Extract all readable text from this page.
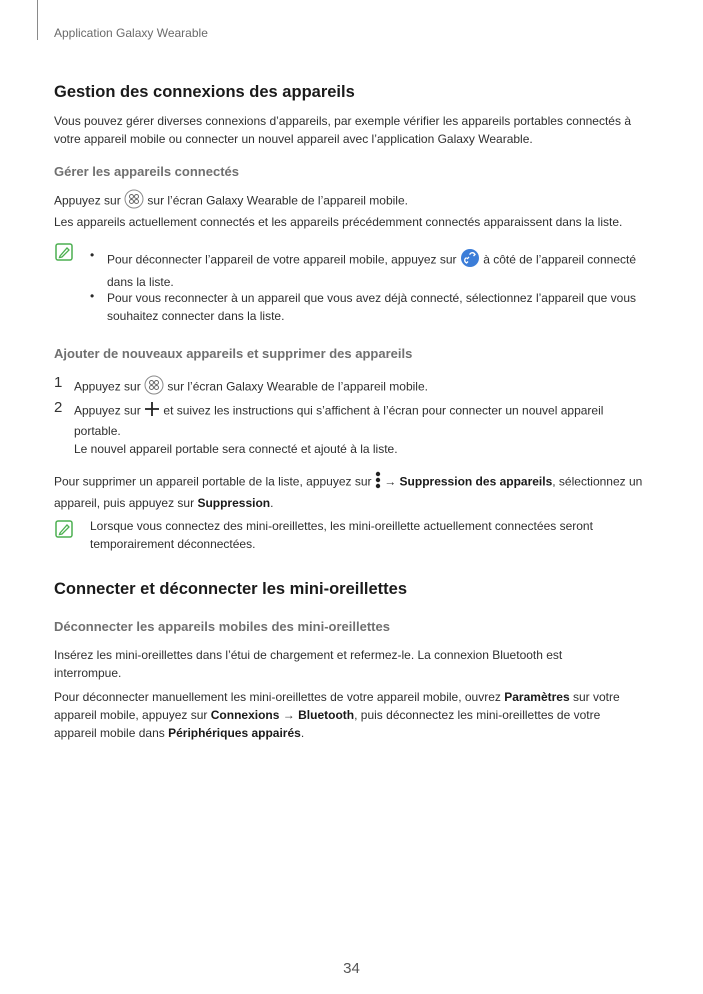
Application Galaxy Wearable
Gestion des connexions des appareils
Vous pouvez gérer diverses connexions d’appareils, par exemple vérifier les appareils portables connectés à votre appareil mobile ou connecter un nouvel appareil avec l’application Galaxy Wearable.
Gérer les appareils connectés
Appuyez sur sur l’écran Galaxy Wearable de l’appareil mobile.
Les appareils actuellement connectés et les appareils précédemment connectés apparaissent dans la liste.
• Pour déconnecter l’appareil de votre appareil mobile, appuyez sur à côté de l’appareil connecté
dans la liste.
• Pour vous reconnecter à un appareil que vous avez déjà connecté, sélectionnez l’appareil que vous
souhaitez connecter dans la liste.
Ajouter de nouveaux appareils et supprimer des appareils
1 Appuyez sur sur l’écran Galaxy Wearable de l’appareil mobile.
2 Appuyez sur et suivez les instructions qui s’affichent à l’écran pour connecter un nouvel appareil
portable.
Le nouvel appareil portable sera connecté et ajouté à la liste.
Pour supprimer un appareil portable de la liste, appuyez sur → Suppression des appareils, sélectionnez un
appareil, puis appuyez sur Suppression.
Lorsque vous connectez des mini-oreillettes, les mini-oreillette actuellement connectées seront
temporairement déconnectées.
Connecter et déconnecter les mini-oreillettes
Déconnecter les appareils mobiles des mini-oreillettes
Insérez les mini-oreillettes dans l’étui de chargement et refermez-le. La connexion Bluetooth est
interrompue.
Pour déconnecter manuellement les mini-oreillettes de votre appareil mobile, ouvrez Paramètres sur votre
appareil mobile, appuyez sur Connexions → Bluetooth, puis déconnectez les mini-oreillettes de votre
appareil mobile dans Périphériques appairés.
34
